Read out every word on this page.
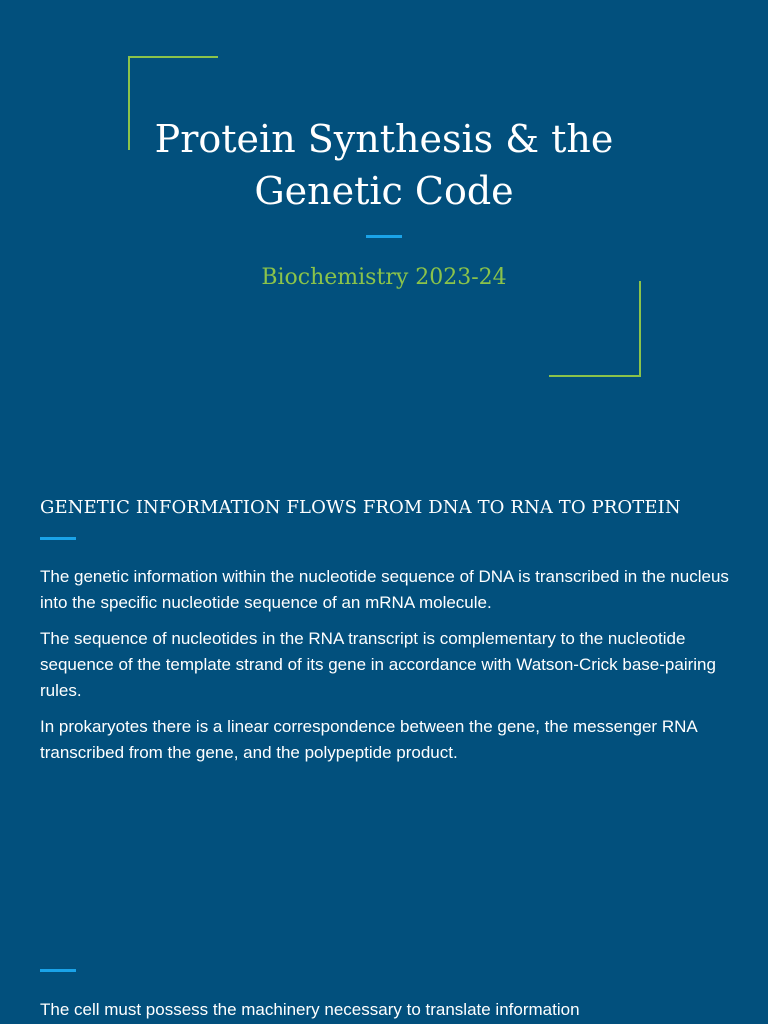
Protein Synthesis & the Genetic Code
Biochemistry 2023-24
GENETIC INFORMATION FLOWS FROM DNA TO RNA TO PROTEIN

The genetic information within the nucleotide sequence of DNA is transcribed in the nucleus into the specific nucleotide sequence of an mRNA molecule.

The sequence of nucleotides in the RNA transcript is complementary to the nucleotide sequence of the template strand of its gene in accordance with Watson-Crick base-pairing rules.

In prokaryotes there is a linear correspondence between the gene, the messenger RNA transcribed from the gene, and the polypeptide product.

The cell must possess the machinery necessary to translate information
